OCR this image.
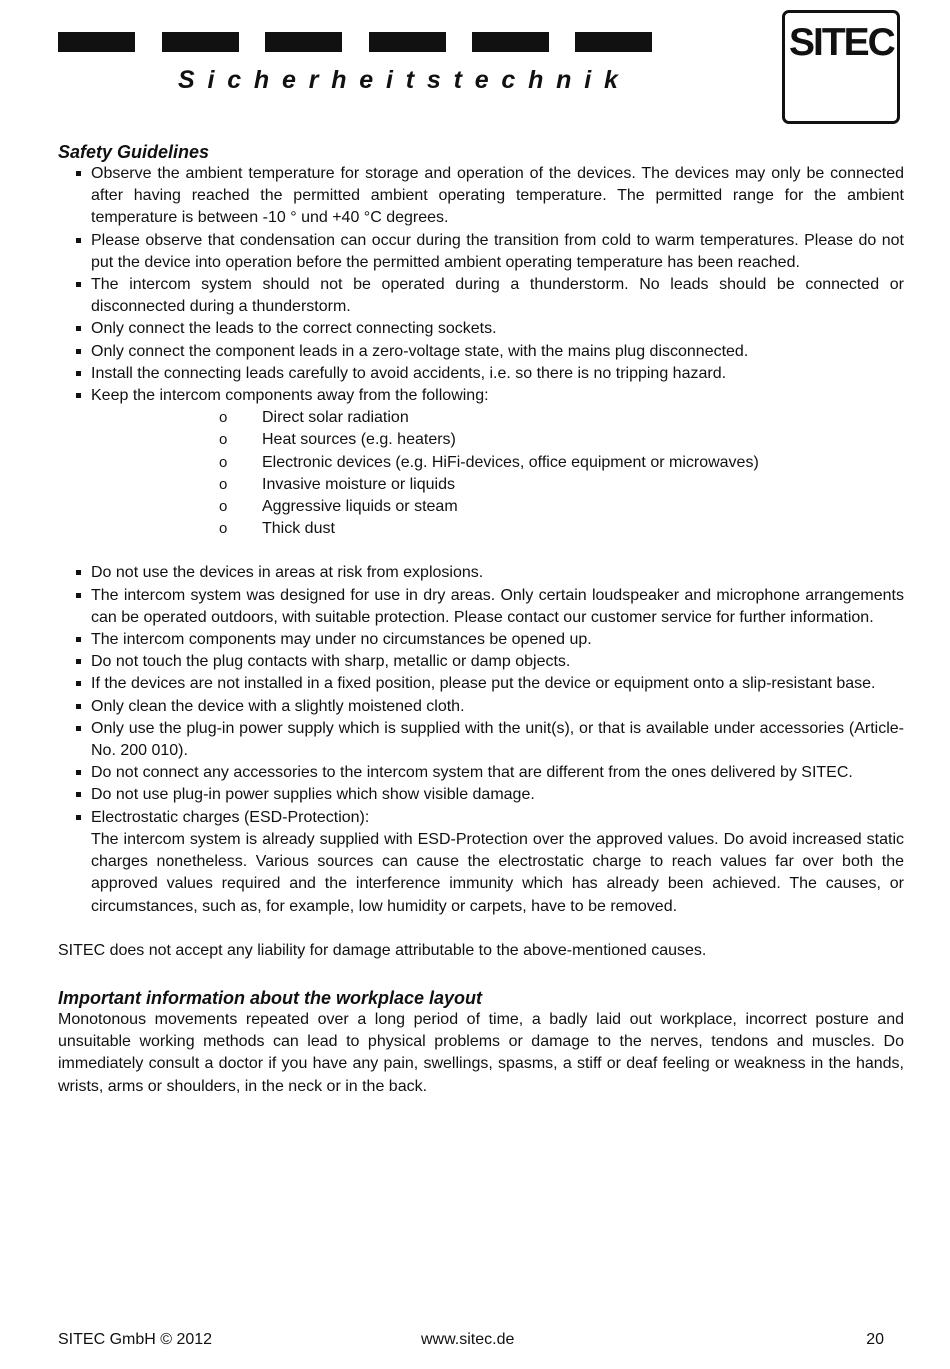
Sicherheitstechnik
SITEC
Safety Guidelines
Observe the ambient temperature for storage and operation of the devices. The devices may only be connected after having reached the permitted ambient operating temperature. The permitted range for the ambient temperature is between -10 ° und +40 °C degrees.
Please observe that condensation can occur during the transition from cold to warm temperatures. Please do not put the device into operation before the permitted ambient operating temperature has been reached.
The intercom system should not be operated during a thunderstorm. No leads should be connected or disconnected during a thunderstorm.
Only connect the leads to the correct connecting sockets.
Only connect the component leads in a zero-voltage state, with the mains plug disconnected.
Install the connecting leads carefully to avoid accidents, i.e. so there is no tripping hazard.
Keep the intercom components away from the following:
o Direct solar radiation
o Heat sources (e.g. heaters)
o Electronic devices (e.g. HiFi-devices, office equipment or microwaves)
o Invasive moisture or liquids
o Aggressive liquids or steam
o Thick dust
Do not use the devices in areas at risk from explosions.
The intercom system was designed for use in dry areas. Only certain loudspeaker and microphone arrangements can be operated outdoors, with suitable protection. Please contact our customer service for further information.
The intercom components may under no circumstances be opened up.
Do not touch the plug contacts with sharp, metallic or damp objects.
If the devices are not installed in a fixed position, please put the device or equipment onto a slip-resistant base.
Only clean the device with a slightly moistened cloth.
Only use the plug-in power supply which is supplied with the unit(s), or that is available under accessories (Article-No. 200 010).
Do not connect any accessories to the intercom system that are different from the ones delivered by SITEC.
Do not use plug-in power supplies which show visible damage.
Electrostatic charges (ESD-Protection):
The intercom system is already supplied with ESD-Protection over the approved values. Do avoid increased static charges nonetheless. Various sources can cause the electrostatic charge to reach values far over both the approved values required and the interference immunity which has already been achieved. The causes, or circumstances, such as, for example, low humidity or carpets, have to be removed.

SITEC does not accept any liability for damage attributable to the above-mentioned causes.

Important information about the workplace layout

Monotonous movements repeated over a long period of time, a badly laid out workplace, incorrect posture and unsuitable working methods can lead to physical problems or damage to the nerves, tendons and muscles. Do immediately consult a doctor if you have any pain, swellings, spasms, a stiff or deaf feeling or weakness in the hands, wrists, arms or shoulders, in the neck or in the back.

SITEC GmbH © 2012	www.sitec.de	20
